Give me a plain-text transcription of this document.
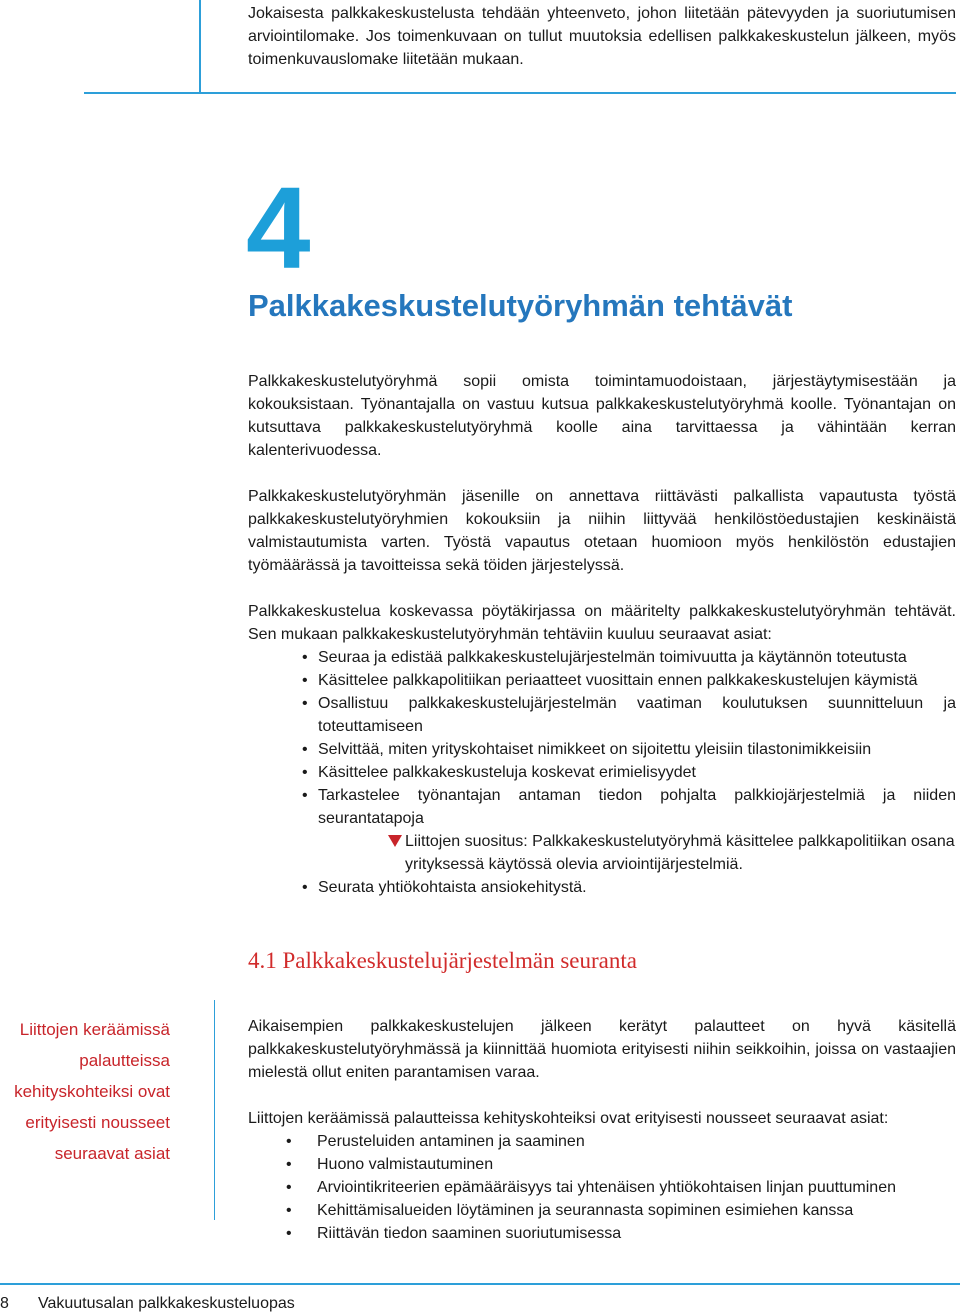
Jokaisesta palkkakeskustelusta tehdään yhteenveto, johon liitetään pätevyyden ja suoriutumisen arviointilomake. Jos toimenkuvaan on tullut muutoksia edellisen palkkakeskustelun jälkeen, myös toimenkuvauslomake liitetään mukaan.

4
Palkkakeskustelutyöryhmän tehtävät

Palkkakeskustelutyöryhmä sopii omista toimintamuodoistaan, järjestäytymisestään ja kokouksistaan. Työnantajalla on vastuu kutsua palkkakeskustelutyöryhmä koolle. Työnantajan on kutsuttava palkkakeskustelutyöryhmä koolle aina tarvittaessa ja vähintään kerran kalenterivuodessa.

Palkkakeskustelutyöryhmän jäsenille on annettava riittävästi palkallista vapautusta työstä palkkakeskustelutyöryhmien kokouksiin ja niihin liittyvää henkilöstöedustajien keskinäistä valmistautumista varten. Työstä vapautus otetaan huomioon myös henkilöstön edustajien työmäärässä ja tavoitteissa sekä töiden järjestelyssä.

Palkkakeskustelua koskevassa pöytäkirjassa on määritelty palkkakeskustelutyöryhmän tehtävät. Sen mukaan palkkakeskustelutyöryhmän tehtäviin kuuluu seuraavat asiat:

• Seuraa ja edistää palkkakeskustelujärjestelmän toimivuutta ja käytännön toteutusta
• Käsittelee palkkapolitiikan periaatteet vuosittain ennen palkkakeskustelujen käymistä
• Osallistuu palkkakeskustelujärjestelmän vaatiman koulutuksen suunnitteluun ja toteuttamiseen
• Selvittää, miten yrityskohtaiset nimikkeet on sijoitettu yleisiin tilastonimikkeisiin
• Käsittelee palkkakeskusteluja koskevat erimielisyydet
• Tarkastelee työnantajan antaman tiedon pohjalta palkkiojärjestelmiä ja niiden seurantatapoja
Liittojen suositus: Palkkakeskustelutyöryhmä käsittelee palkkapolitiikan osana yrityksessä käytössä olevia arviointijärjestelmiä.
• Seurata yhtiökohtaista ansiokehitystä.
4.1 Palkkakeskustelujärjestelmän seuranta
Liittojen keräämissä palautteissa kehityskohteiksi ovat erityisesti nousseet seuraavat asiat

Aikaisempien palkkakeskustelujen jälkeen kerätyt palautteet on hyvä käsitellä palkkakeskustelutyöryhmässä ja kiinnittää huomiota erityisesti niihin seikkoihin, joissa on vastaajien mielestä ollut eniten parantamisen varaa.

Liittojen keräämissä palautteissa kehityskohteiksi ovat erityisesti nousseet seuraavat asiat:

• Perusteluiden antaminen ja saaminen
• Huono valmistautuminen
• Arviointikriteerien epämääräisyys tai yhtenäisen yhtiökohtaisen linjan puuttuminen
• Kehittämisalueiden löytäminen ja seurannasta sopiminen esimiehen kanssa
• Riittävän tiedon saaminen suoriutumisessa
8 Vakuutusalan palkkakeskusteluopas
